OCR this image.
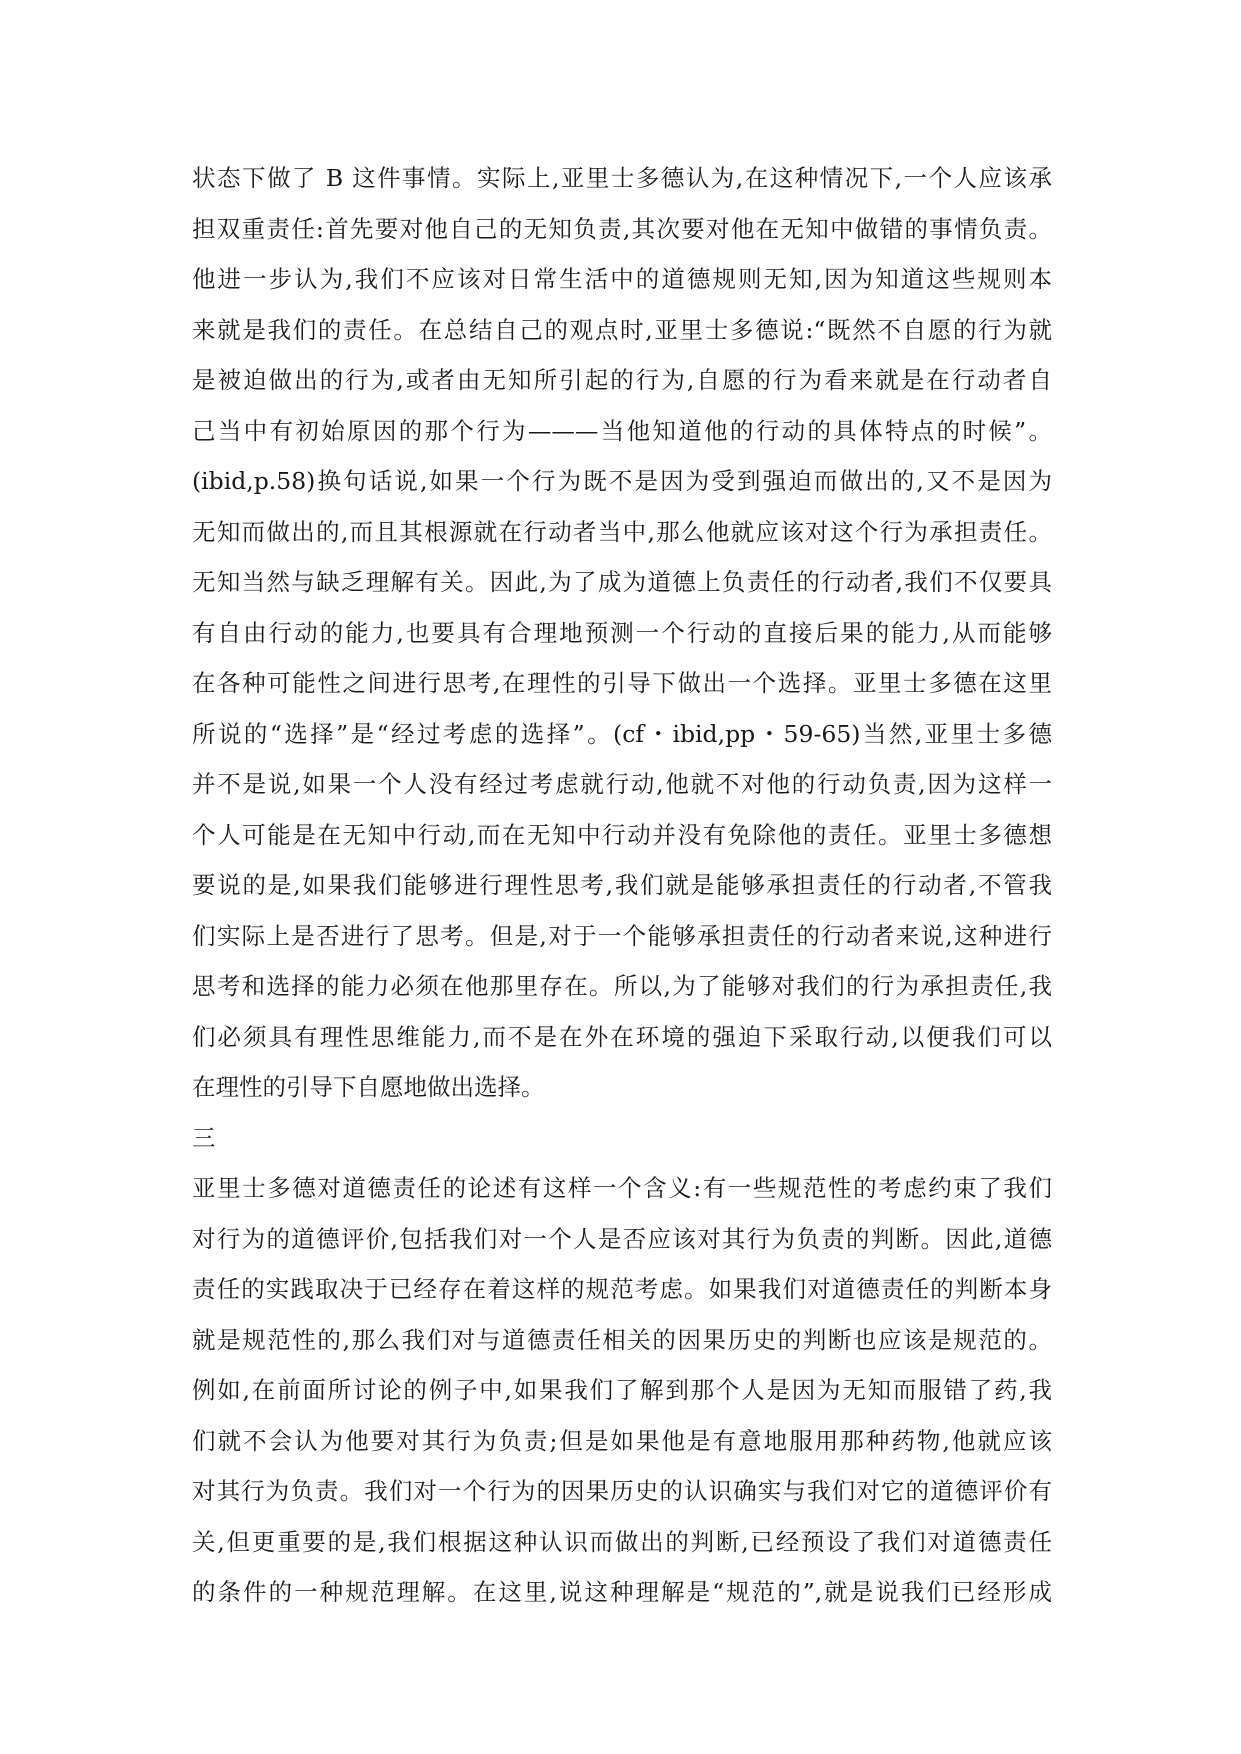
状态下做了 B 这件事情。实际上,亚里士多德认为,在这种情况下,一个人应该承
担双重责任:首先要对他自己的无知负责,其次要对他在无知中做错的事情负责。
他进一步认为,我们不应该对日常生活中的道德规则无知,因为知道这些规则本
来就是我们的责任。在总结自己的观点时,亚里士多德说:“既然不自愿的行为就
是被迫做出的行为,或者由无知所引起的行为,自愿的行为看来就是在行动者自
己当中有初始原因的那个行为———当他知道他的行动的具体特点的时候”。
(ibid,p.58)换句话说,如果一个行为既不是因为受到强迫而做出的,又不是因为
无知而做出的,而且其根源就在行动者当中,那么他就应该对这个行为承担责任。
无知当然与缺乏理解有关。因此,为了成为道德上负责任的行动者,我们不仅要具
有自由行动的能力,也要具有合理地预测一个行动的直接后果的能力,从而能够
在各种可能性之间进行思考,在理性的引导下做出一个选择。亚里士多德在这里
所说的“选择”是“经过考虑的选择”。(cf・ibid,pp・59-65)当然,亚里士多德
并不是说,如果一个人没有经过考虑就行动,他就不对他的行动负责,因为这样一
个人可能是在无知中行动,而在无知中行动并没有免除他的责任。亚里士多德想
要说的是,如果我们能够进行理性思考,我们就是能够承担责任的行动者,不管我
们实际上是否进行了思考。但是,对于一个能够承担责任的行动者来说,这种进行
思考和选择的能力必须在他那里存在。所以,为了能够对我们的行为承担责任,我
们必须具有理性思维能力,而不是在外在环境的强迫下采取行动,以便我们可以
在理性的引导下自愿地做出选择。
三
亚里士多德对道德责任的论述有这样一个含义:有一些规范性的考虑约束了我们
对行为的道德评价,包括我们对一个人是否应该对其行为负责的判断。因此,道德
责任的实践取决于已经存在着这样的规范考虑。如果我们对道德责任的判断本身
就是规范性的,那么我们对与道德责任相关的因果历史的判断也应该是规范的。
例如,在前面所讨论的例子中,如果我们了解到那个人是因为无知而服错了药,我
们就不会认为他要对其行为负责;但是如果他是有意地服用那种药物,他就应该
对其行为负责。我们对一个行为的因果历史的认识确实与我们对它的道德评价有
关,但更重要的是,我们根据这种认识而做出的判断,已经预设了我们对道德责任
的条件的一种规范理解。在这里,说这种理解是“规范的”,就是说我们已经形成
